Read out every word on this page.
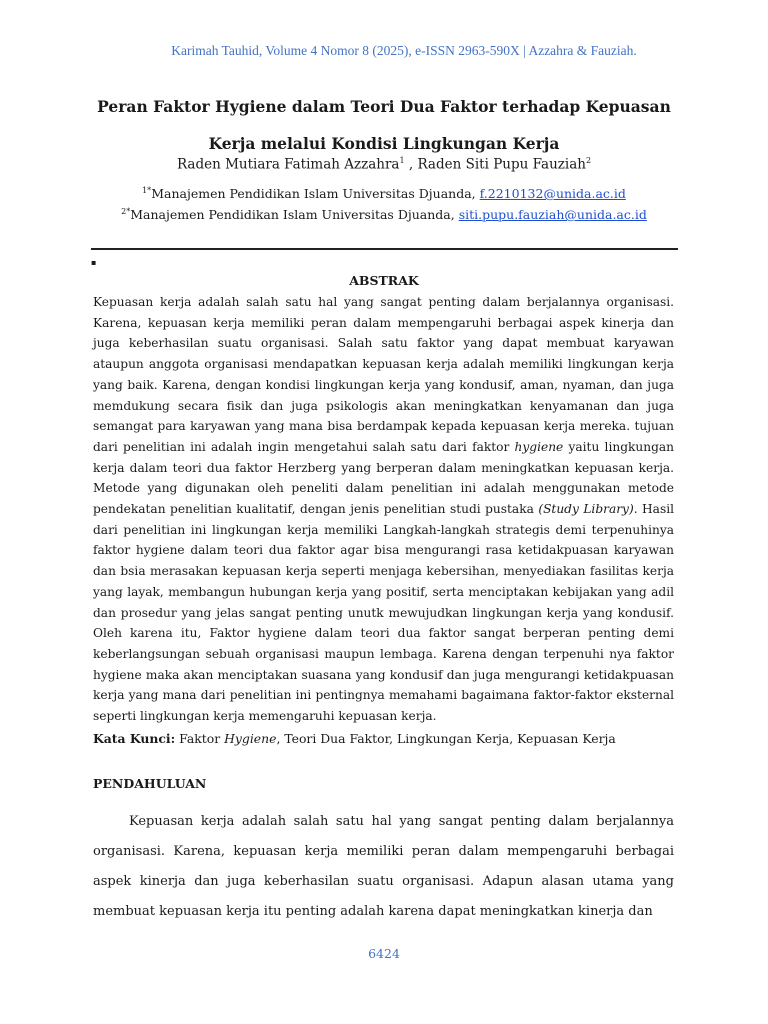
Karimah Tauhid, Volume 4 Nomor 8 (2025), e-ISSN 2963-590X | Azzahra & Fauziah.
Peran Faktor Hygiene dalam Teori Dua Faktor terhadap Kepuasan
Kerja melalui Kondisi Lingkungan Kerja
Raden Mutiara Fatimah Azzahra$^1$ , Raden Siti Pupu Fauziah$^2$
$^{1*}$Manajemen Pendidikan Islam Universitas Djuanda, f.2210132@unida.ac.id
$^{2*}$Manajemen Pendidikan Islam Universitas Djuanda, siti.pupu.fauziah@unida.ac.id
▪
ABSTRAK

Kepuasan kerja adalah salah satu hal yang sangat penting dalam berjalannya organisasi. Karena, kepuasan kerja memiliki peran dalam mempengaruhi berbagai aspek kinerja dan juga keberhasilan suatu organisasi. Salah satu faktor yang dapat membuat karyawan ataupun anggota organisasi mendapatkan kepuasan kerja adalah memiliki lingkungan kerja yang baik. Karena, dengan kondisi lingkungan kerja yang kondusif, aman, nyaman, dan juga memdukung secara fisik dan juga psikologis akan meningkatkan kenyamanan dan juga semangat para karyawan yang mana bisa berdampak kepada kepuasan kerja mereka. tujuan dari penelitian ini adalah ingin mengetahui salah satu dari faktor hygiene yaitu lingkungan kerja dalam teori dua faktor Herzberg yang berperan dalam meningkatkan kepuasan kerja. Metode yang digunakan oleh peneliti dalam penelitian ini adalah menggunakan metode pendekatan penelitian kualitatif, dengan jenis penelitian studi pustaka (Study Library). Hasil dari penelitian ini lingkungan kerja memiliki Langkah-langkah strategis demi terpenuhinya faktor hygiene dalam teori dua faktor agar bisa mengurangi rasa ketidakpuasan karyawan dan bsia merasakan kepuasan kerja seperti menjaga kebersihan, menyediakan fasilitas kerja yang layak, membangun hubungan kerja yang positif, serta menciptakan kebijakan yang adil dan prosedur yang jelas sangat penting unutk mewujudkan lingkungan kerja yang kondusif. Oleh karena itu, Faktor hygiene dalam teori dua faktor sangat berperan penting demi keberlangsungan sebuah organisasi maupun lembaga. Karena dengan terpenuhi nya faktor hygiene maka akan menciptakan suasana yang kondusif dan juga mengurangi ketidakpuasan kerja yang mana dari penelitian ini pentingnya memahami bagaimana faktor-faktor eksternal seperti lingkungan kerja memengaruhi kepuasan kerja.

Kata Kunci: Faktor Hygiene, Teori Dua Faktor, Lingkungan Kerja, Kepuasan Kerja
PENDAHULUAN

Kepuasan kerja adalah salah satu hal yang sangat penting dalam berjalannya organisasi. Karena, kepuasan kerja memiliki peran dalam mempengaruhi berbagai aspek kinerja dan juga keberhasilan suatu organisasi. Adapun alasan utama yang membuat kepuasan kerja itu penting adalah karena dapat meningkatkan kinerja dan

6424
